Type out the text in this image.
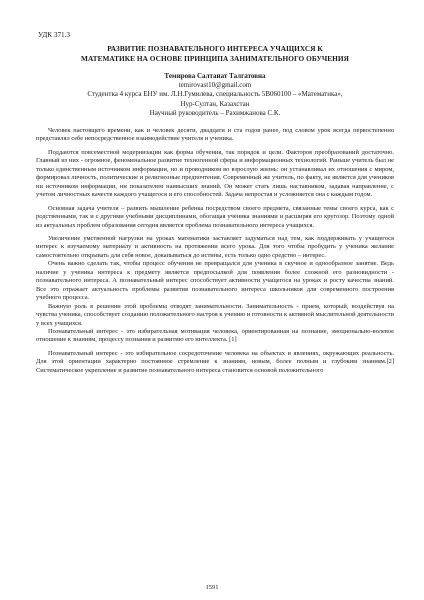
УДК 371.3
РАЗВИТИЕ ПОЗНАВАТЕЛЬНОГО ИНТЕРЕСА УЧАЩИХСЯ К
МАТЕМАТИКЕ НА ОСНОВЕ ПРИНЦИПА ЗАНИМАТЕЛЬНОГО ОБУЧЕНИЯ
Темирова Салтанат Талгатовна
temirovast10@gmail.com
Студентка 4 курса ЕНУ им. Л.Н.Гумилева, специальность 5В060100 – «Математика»,
Нур-Султан, Казахстан
Научный руководитель – Рахимжанова С.К.

Человек настоящего времени, как и человек десяти, двадцати и ста годов ранее, под словом урок всегда первостепенно представлял себе непосредственное взаимодействие учителя и ученика.

Поддаются повсеместной модернизации как форма обучения, так порядок и цели. Факторов преобразований достаточно. Главный из них - огромное, феноменальное развитие техногенной сферы и информационных технологий. Раньше учитель был не только единственным источником информации, но и проводником во взрослую жизнь: он устанавливал их отношения с миром, формировал личность, политические и религиозные предпочтения. Современный же учитель, по факту, не является для учеников ни источником информации, ни показателем наивысших знаний. Он может стать лишь наставником, задавая направление, с учетом личностных качеств каждого учащегося и его способностей. Задача непростая и усложняется она с каждым годом.

Основная задача учителя – развить мышление ребенка посредством своего предмета, связанные темы своего курса, как с родственными, так и с другими учебными дисциплинами, обогащая ученика знаниями и расширяя его кругозор. Поэтому одной из актуальных проблем образования сегодня является проблема познавательного интереса учащихся.

Увеличение умственной нагрузки на уроках математики заставляет задуматься над тем, как поддерживать у учащегося интерес к изучаемому материалу и активность на протяжении всего урока. Для того чтобы пробудить у ученика желание самостоятельно открывать для себя новое, докапываться до истины, есть только одно средство – интерес.

Очень важно сделать так, чтобы процесс обучения не превращался для ученика в скучное и однообразное занятие. Ведь наличие у ученика интереса к предмету является предпосылкой для появления более сложной его разновидности - познавательного интереса. А познавательный интерес способствует активности учащегося на уроках и росту качества знаний. Все это отражает актуальность проблемы развития познавательного интереса школьников для современного построения учебного процесса.

Важную роль в решении этой проблемы отводят занимательности. Занимательность - прием, который, воздействуя на чувства ученика, способствует созданию положительного настроя к учению и готовности к активной мыслительной деятельности у всех учащихся.

Познавательный интерес - это избирательная мотивация человека, ориентированная на познание, эмоционально-волевое отношение к знаниям, процессу познания и развитию его интеллекта. [1]

Познавательный интерес - это избирательное сосредоточение человека на объектах и явлениях, окружающих реальность. Для этой ориентации характерно постоянное стремление к знаниям, новым, более полным и глубоким знаниям.[2] Систематическое укрепление и развитие познавательного интереса становится основой положительного

1591
